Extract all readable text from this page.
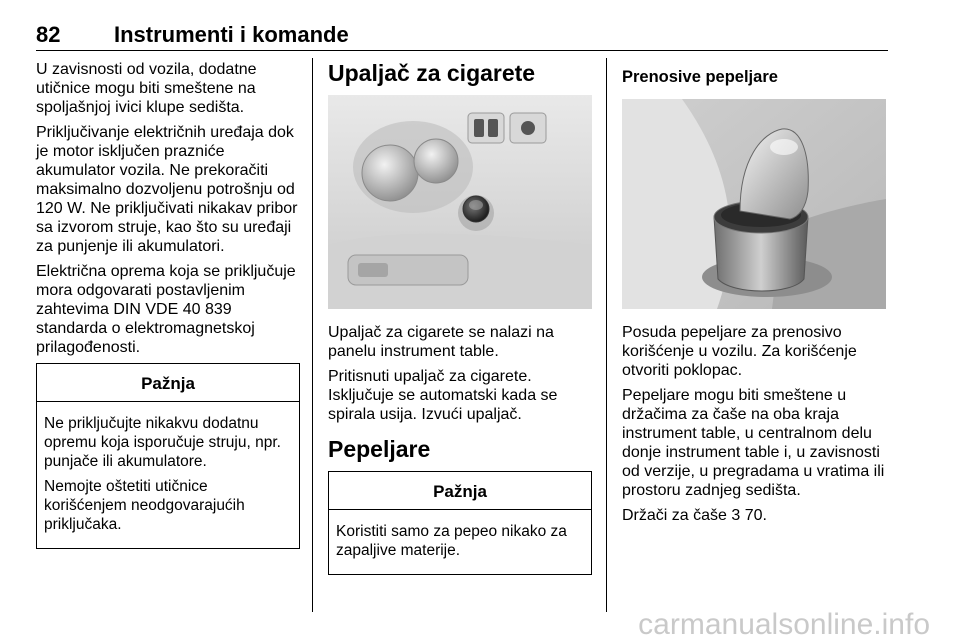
82 Instrumenti i komande

U zavisnosti od vozila, dodatne utičnice mogu biti smeštene na spoljašnjoj ivici klupe sedišta.

Priključivanje električnih uređaja dok je motor isključen prazniće akumulator vozila. Ne prekoračiti maksimalno dozvoljenu potrošnju od 120 W. Ne priključivati nikakav pribor sa izvorom struje, kao što su uređaji za punjenje ili akumulatori.

Električna oprema koja se priključuje mora odgovarati postavljenim zahtevima DIN VDE 40 839 standarda o elektromagnetskoj prilagođenosti.

Pažnja

Ne priključujte nikakvu dodatnu opremu koja isporučuje struju, npr. punjače ili akumulatore.

Nemojte oštetiti utičnice korišćenjem neodgovarajućih priključaka.

Upaljač za cigarete

Upaljač za cigarete se nalazi na panelu instrument table.

Pritisnuti upaljač za cigarete. Isključuje se automatski kada se spirala usija. Izvući upaljač.

Pepeljare
Pažnja

Koristiti samo za pepeo nikako za zapaljive materije.

Prenosive pepeljare

Posuda pepeljare za prenosivo korišćenje u vozilu. Za korišćenje otvoriti poklopac.

Pepeljare mogu biti smeštene u držačima za čaše na oba kraja instrument table, u centralnom delu donje instrument table i, u zavisnosti od verzije, u pregradama u vratima ili prostoru zadnjeg sedišta.

Držači za čaše 3 70.

carmanualsonline.info
